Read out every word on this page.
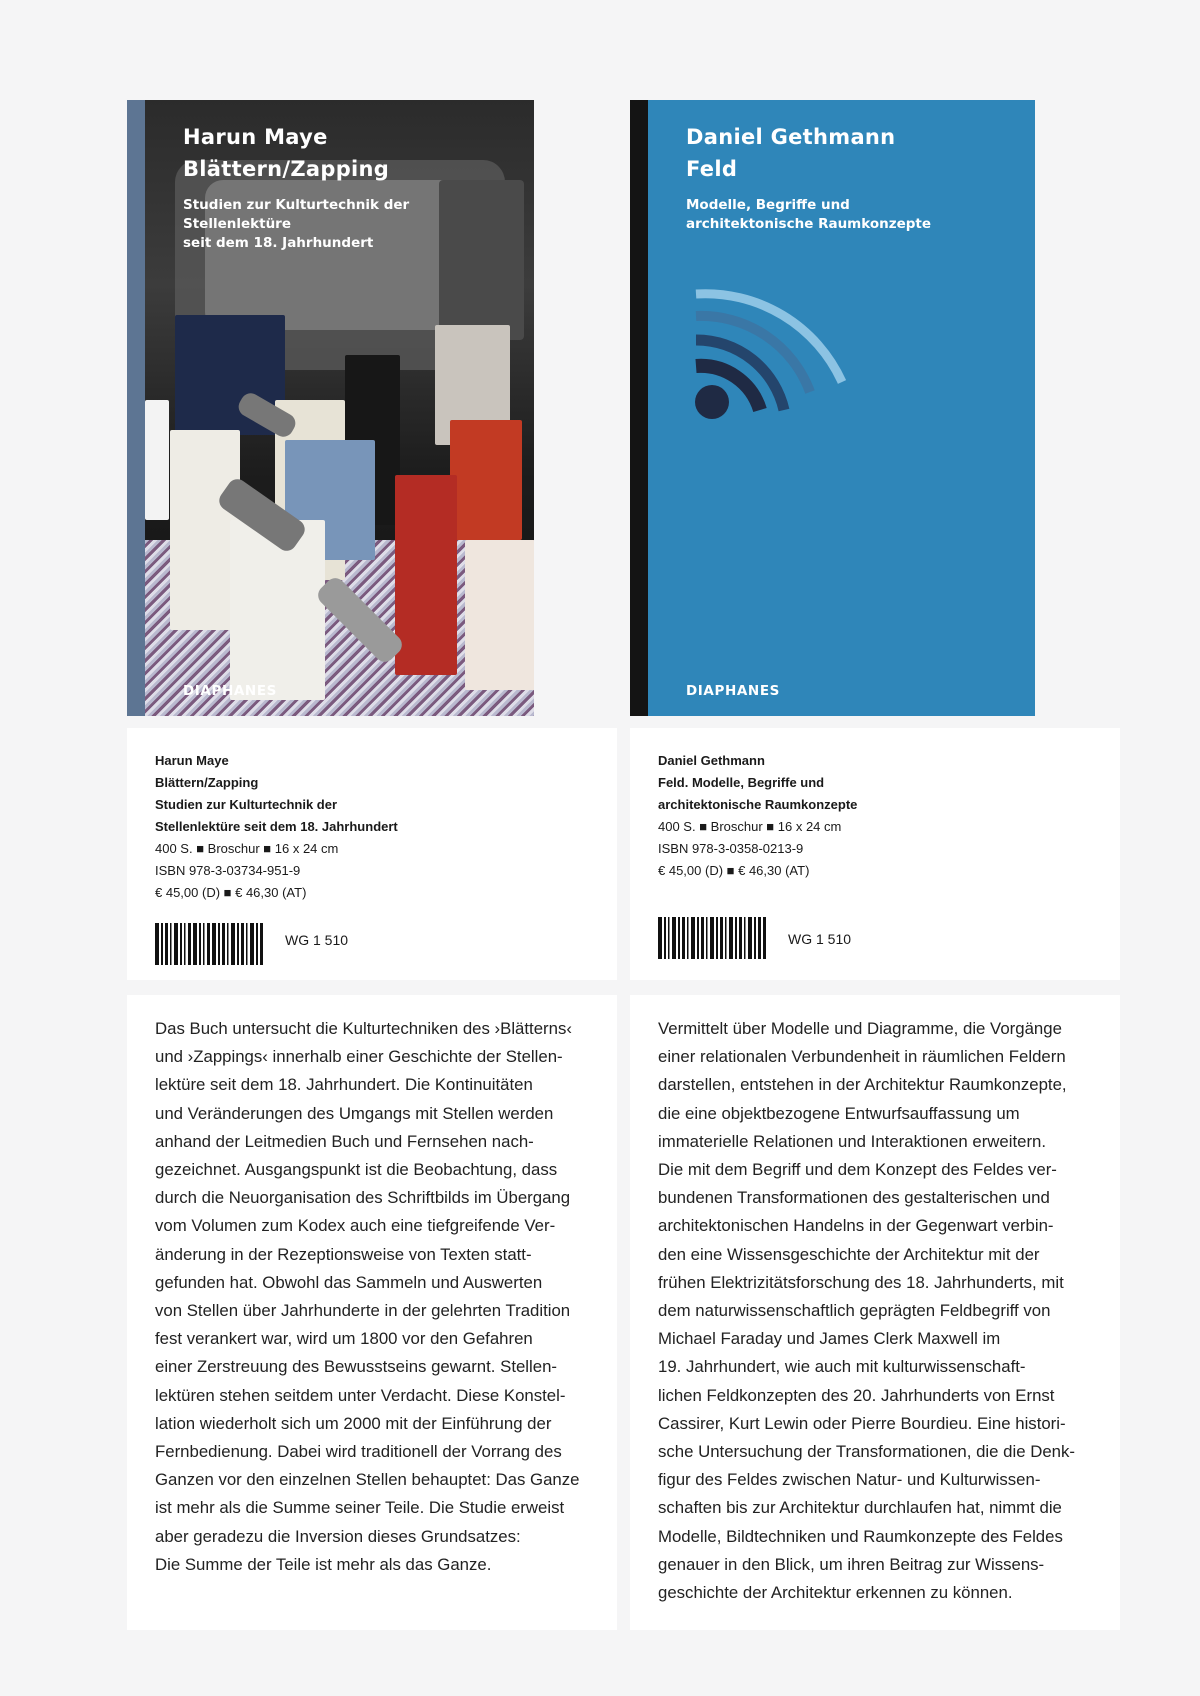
Harun Maye
Blättern/Zapping
Studien zur Kulturtechnik der Stellenlektüre
seit dem 18. Jahrhundert
DIAPHANES
Daniel Gethmann
Feld
Modelle, Begriffe und
architektonische Raumkonzepte
DIAPHANES
Harun Maye
Blättern/Zapping
Studien zur Kulturtechnik der
Stellenlektüre seit dem 18. Jahrhundert
400 S. ■ Broschur ■ 16 x 24 cm
ISBN 978-3-03734-951-9
€ 45,00 (D) ■ € 46,30 (AT)
WG 1 510
Daniel Gethmann
Feld. Modelle, Begriffe und
architektonische Raumkonzepte
400 S. ■ Broschur ■ 16 x 24 cm
ISBN 978-3-0358-0213-9
€ 45,00 (D) ■ € 46,30 (AT)
WG 1 510
Das Buch untersucht die Kulturtechniken des ›Blätterns‹
und ›Zappings‹ innerhalb einer Geschichte der Stellen-
lektüre seit dem 18. Jahrhundert. Die Kontinuitäten
und Veränderungen des Umgangs mit Stellen werden
anhand der Leitmedien Buch und Fernsehen nach-
gezeichnet. Ausgangspunkt ist die Beobachtung, dass
durch die Neuorganisation des Schriftbilds im Übergang
vom Volumen zum Kodex auch eine tiefgreifende Ver-
änderung in der Rezeptionsweise von Texten statt-
gefunden hat. Obwohl das Sammeln und Auswerten
von Stellen über Jahrhunderte in der gelehrten Tradition
fest verankert war, wird um 1800 vor den Gefahren
einer Zerstreuung des Bewusstseins gewarnt. Stellen-
lektüren stehen seitdem unter Verdacht. Diese Konstel-
lation wiederholt sich um 2000 mit der Einführung der
Fernbedienung. Dabei wird traditionell der Vorrang des
Ganzen vor den einzelnen Stellen behauptet: Das Ganze
ist mehr als die Summe seiner Teile. Die Studie erweist
aber geradezu die Inversion dieses Grundsatzes:
Die Summe der Teile ist mehr als das Ganze.
Vermittelt über Modelle und Diagramme, die Vorgänge
einer relationalen Verbundenheit in räumlichen Feldern
darstellen, entstehen in der Architektur Raumkonzepte,
die eine objektbezogene Entwurfsauffassung um
immaterielle Relationen und Interaktionen erweitern.
Die mit dem Begriff und dem Konzept des Feldes ver-
bundenen Transformationen des gestalterischen und
architektonischen Handelns in der Gegenwart verbin-
den eine Wissensgeschichte der Architektur mit der
frühen Elektrizitätsforschung des 18. Jahrhunderts, mit
dem naturwissenschaftlich geprägten Feldbegriff von
Michael Faraday und James Clerk Maxwell im
19. Jahrhundert, wie auch mit kulturwissenschaft-
lichen Feldkonzepten des 20. Jahrhunderts von Ernst
Cassirer, Kurt Lewin oder Pierre Bourdieu. Eine histori-
sche Untersuchung der Transformationen, die die Denk-
figur des Feldes zwischen Natur- und Kulturwissen-
schaften bis zur Architektur durchlaufen hat, nimmt die
Modelle, Bildtechniken und Raumkonzepte des Feldes
genauer in den Blick, um ihren Beitrag zur Wissens-
geschichte der Architektur erkennen zu können.
